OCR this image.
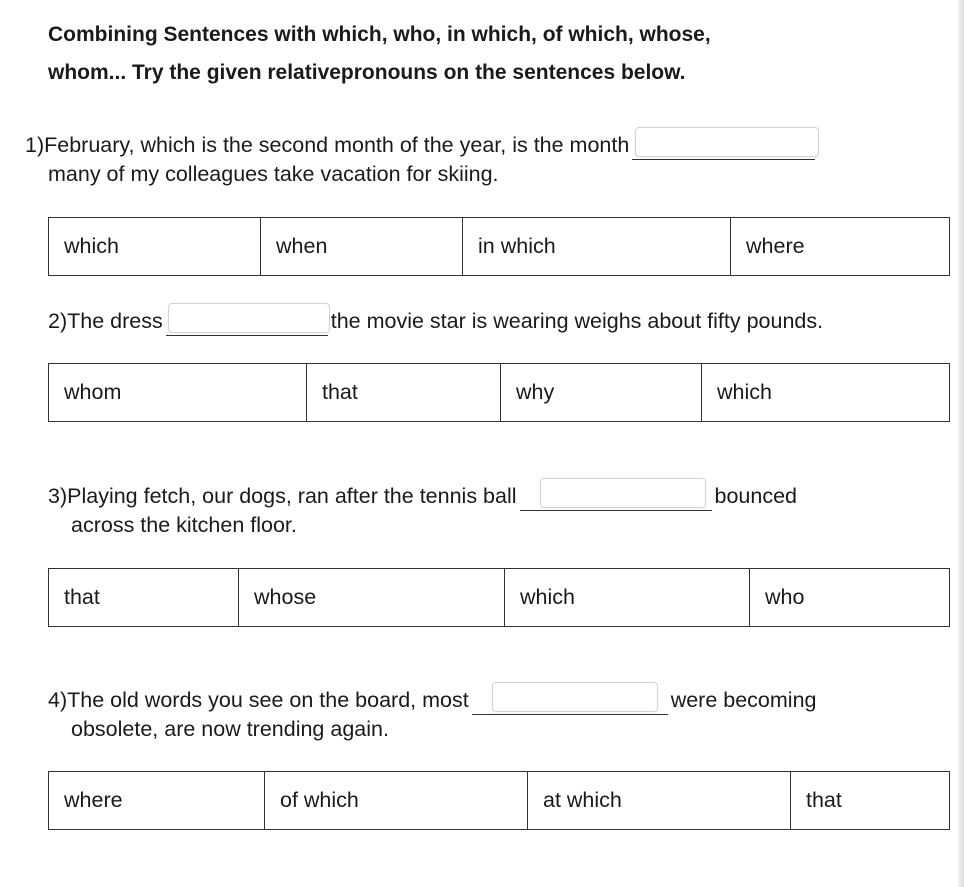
Combining Sentences with which, who, in which, of which, whose,
whom... Try the given relativepronouns on the sentences below.
1)February, which is the second month of the year, is the month
many of my colleagues take vacation for skiing.
which	when	in which	where
2)The dress	the movie star is wearing weighs about fifty pounds.
whom	that	why	which
3)Playing fetch, our dogs, ran after the tennis ball	bounced
across the kitchen floor.
that	whose	which	who
4)The old words you see on the board, most	were becoming
obsolete, are now trending again.
where	of which	at which	that
